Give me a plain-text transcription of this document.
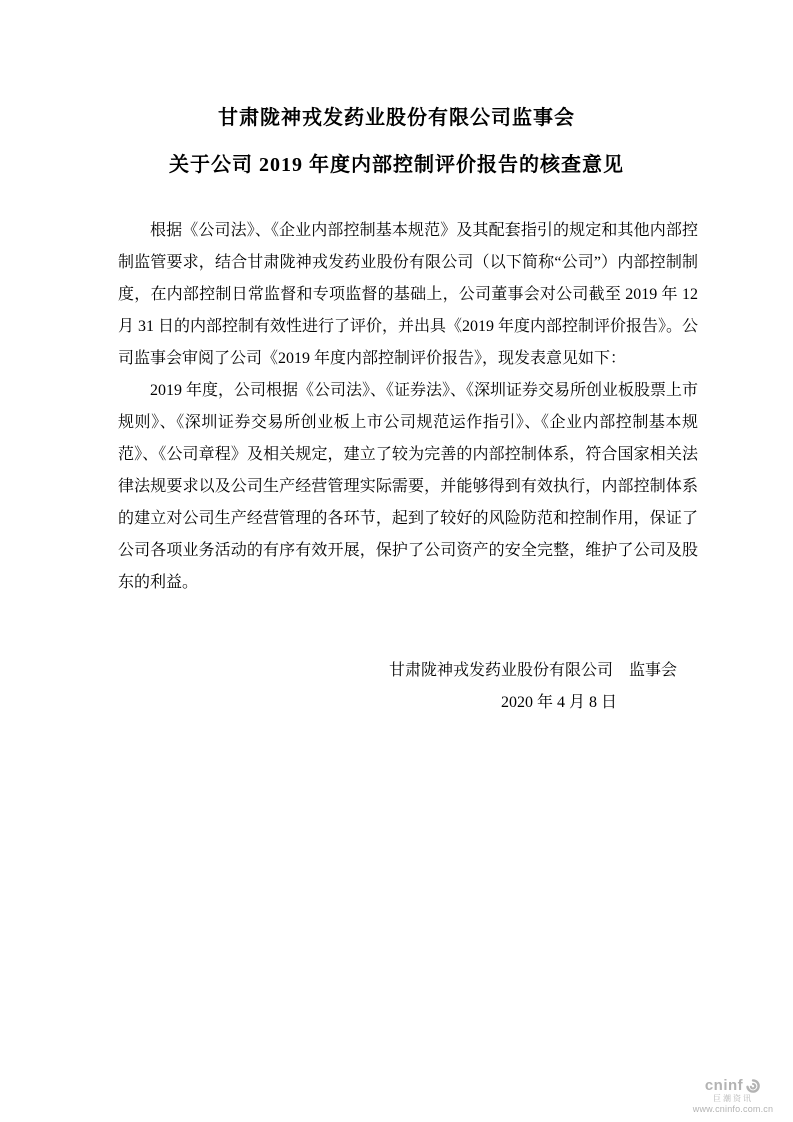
甘肃陇神戎发药业股份有限公司监事会
关于公司 2019 年度内部控制评价报告的核查意见

根据《公司法》、《企业内部控制基本规范》及其配套指引的规定和其他内部控制监管要求，结合甘肃陇神戎发药业股份有限公司（以下简称“公司”）内部控制制度，在内部控制日常监督和专项监督的基础上，公司董事会对公司截至 2019 年 12 月 31 日的内部控制有效性进行了评价，并出具《2019 年度内部控制评价报告》。公司监事会审阅了公司《2019 年度内部控制评价报告》，现发表意见如下：

2019 年度，公司根据《公司法》、《证券法》、《深圳证券交易所创业板股票上市规则》、《深圳证券交易所创业板上市公司规范运作指引》、《企业内部控制基本规范》、《公司章程》及相关规定，建立了较为完善的内部控制体系，符合国家相关法律法规要求以及公司生产经营管理实际需要，并能够得到有效执行，内部控制体系的建立对公司生产经营管理的各环节，起到了较好的风险防范和控制作用，保证了公司各项业务活动的有序有效开展，保护了公司资产的安全完整，维护了公司及股东的利益。

甘肃陇神戎发药业股份有限公司　监事会
2020 年 4 月 8 日
cninf
巨潮资讯
www.cninfo.com.cn
